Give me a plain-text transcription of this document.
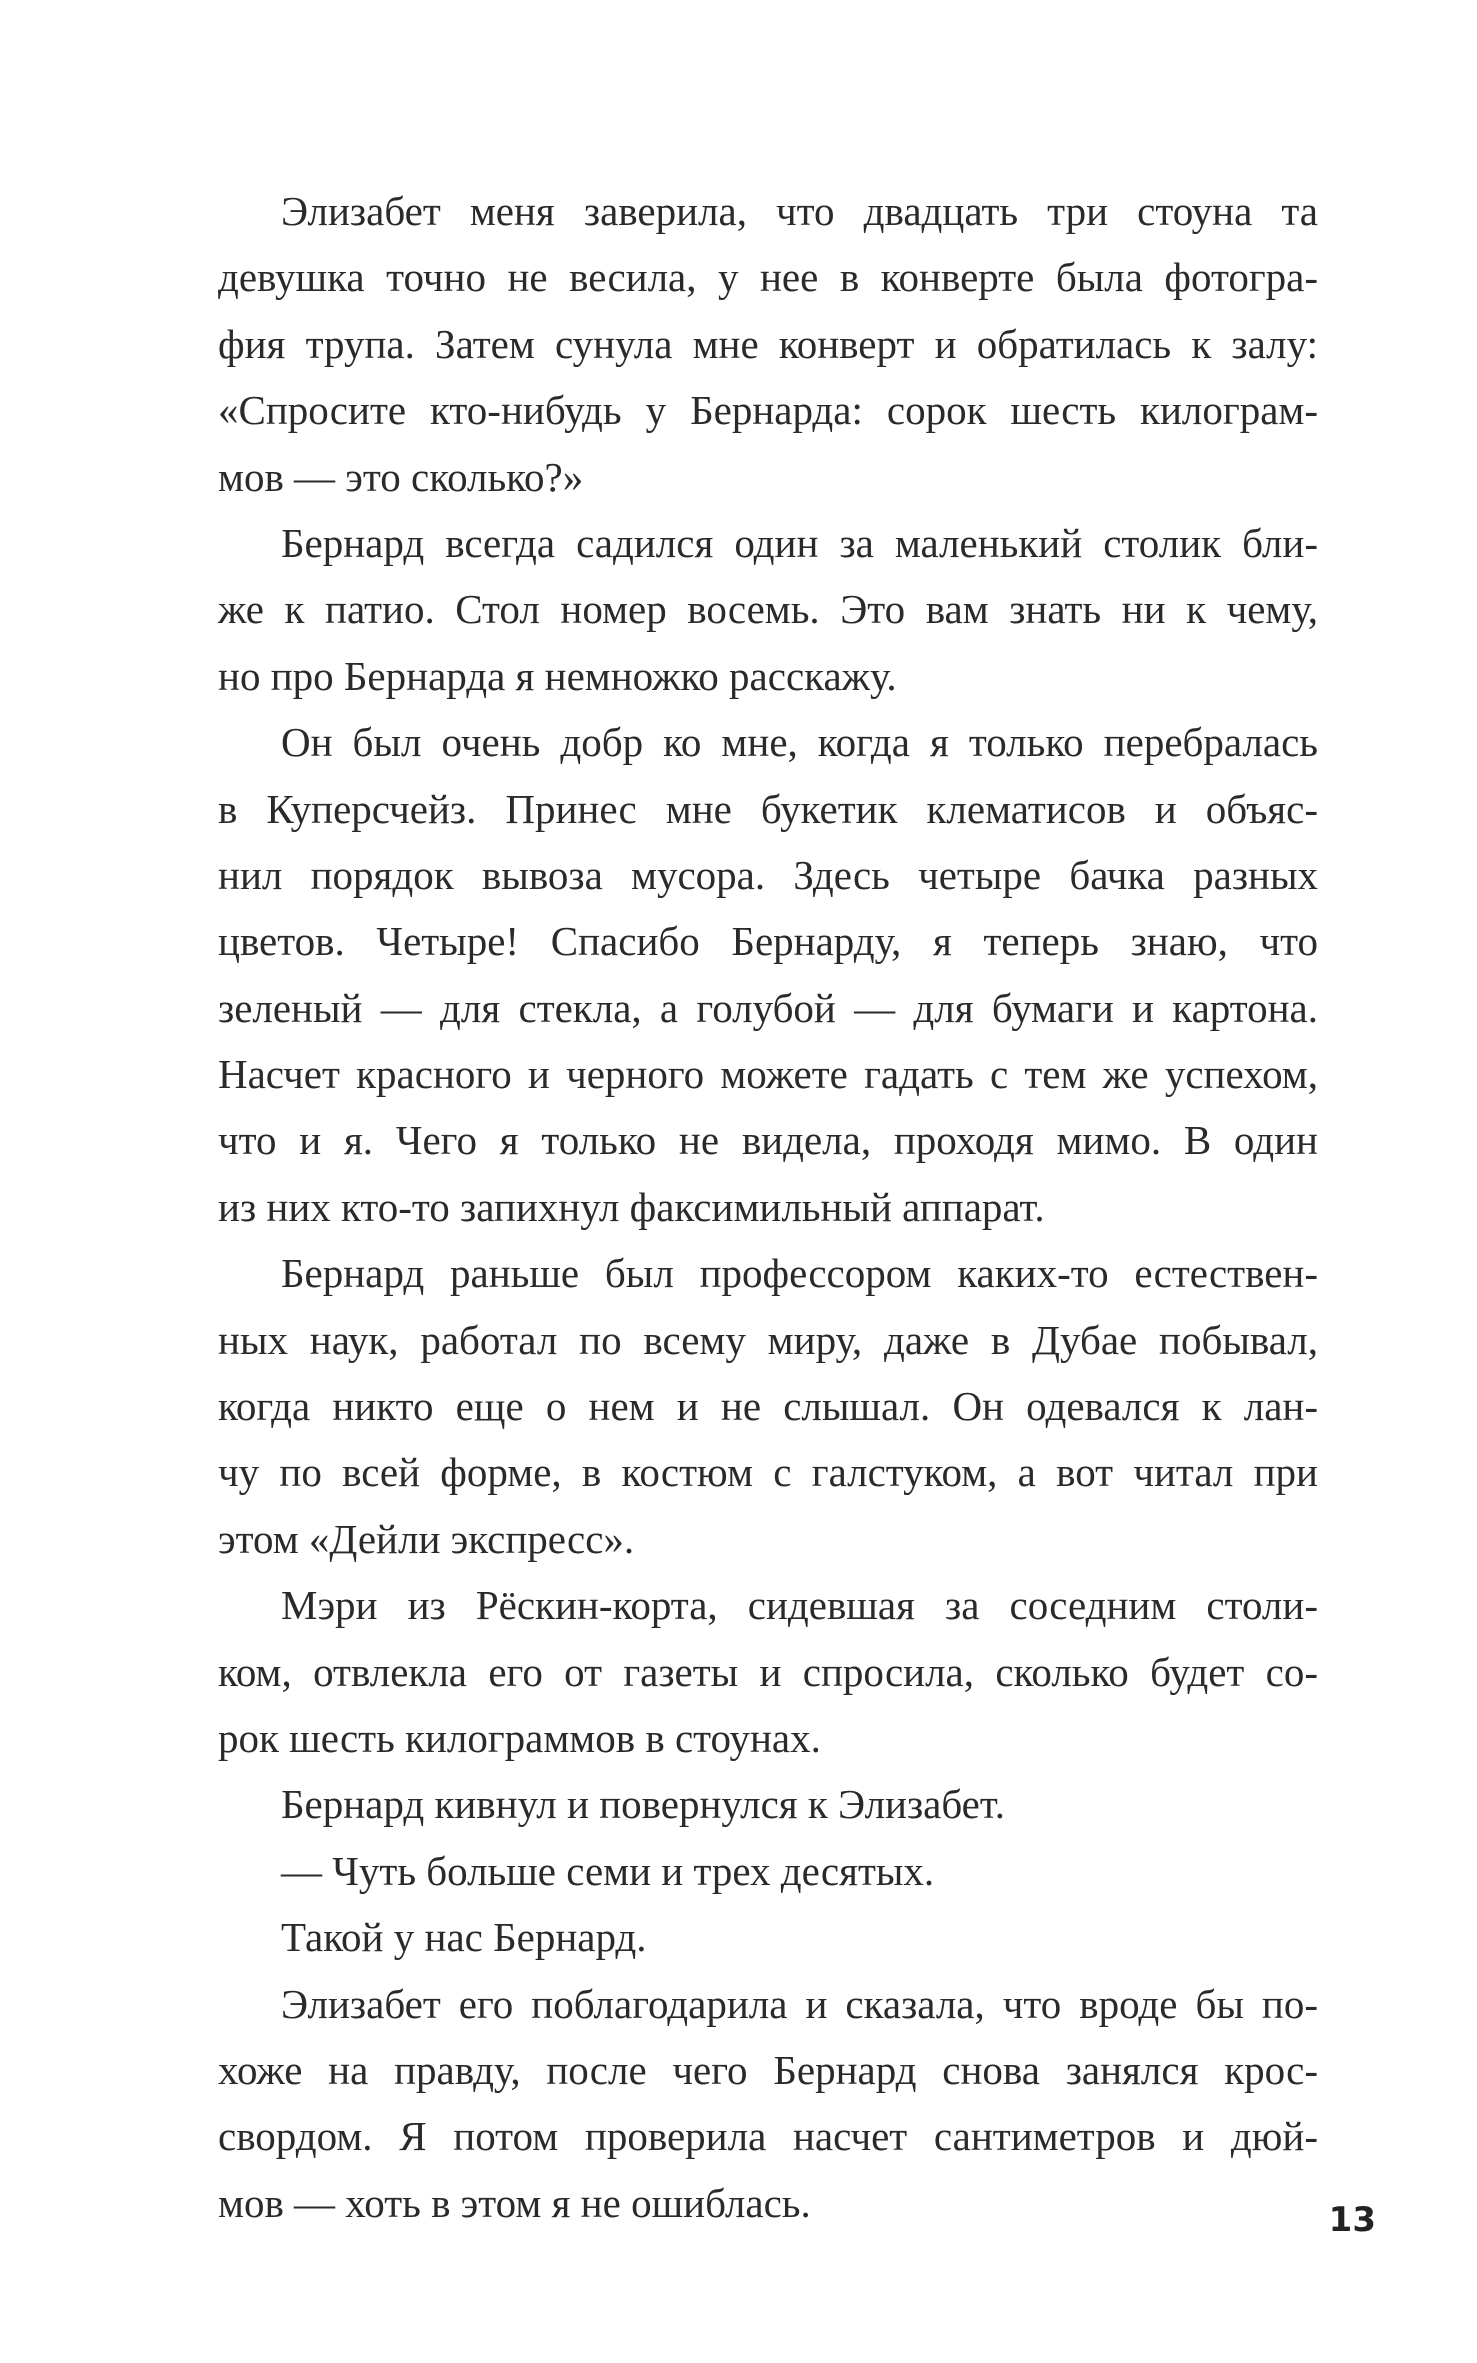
Элизабет меня заверила, что двадцать три стоуна та
девушка точно не весила, у нее в конверте была фотогра-
фия трупа. Затем сунула мне конверт и обратилась к залу:
«Спросите кто-нибудь у Бернарда: сорок шесть килограм-
мов — это сколько?»
Бернард всегда садился один за маленький столик бли-
же к патио. Стол номер восемь. Это вам знать ни к чему,
но про Бернарда я немножко расскажу.
Он был очень добр ко мне, когда я только перебралась
в Куперсчейз. Принес мне букетик клематисов и объяс-
нил порядок вывоза мусора. Здесь четыре бачка разных
цветов. Четыре! Спасибо Бернарду, я теперь знаю, что
зеленый — для стекла, а голубой — для бумаги и картона.
Насчет красного и черного можете гадать с тем же успехом,
что и я. Чего я только не видела, проходя мимо. В один
из них кто-то запихнул факсимильный аппарат.
Бернард раньше был профессором каких-то естествен-
ных наук, работал по всему миру, даже в Дубае побывал,
когда никто еще о нем и не слышал. Он одевался к лан-
чу по всей форме, в костюм с галстуком, а вот читал при
этом «Дейли экспресс».
Мэри из Рёскин-корта, сидевшая за соседним столи-
ком, отвлекла его от газеты и спросила, сколько будет со-
рок шесть килограммов в стоунах.
Бернард кивнул и повернулся к Элизабет.
— Чуть больше семи и трех десятых.
Такой у нас Бернард.
Элизабет его поблагодарила и сказала, что вроде бы по-
хоже на правду, после чего Бернард снова занялся крос-
свордом. Я потом проверила насчет сантиметров и дюй-
мов — хоть в этом я не ошиблась.	13
